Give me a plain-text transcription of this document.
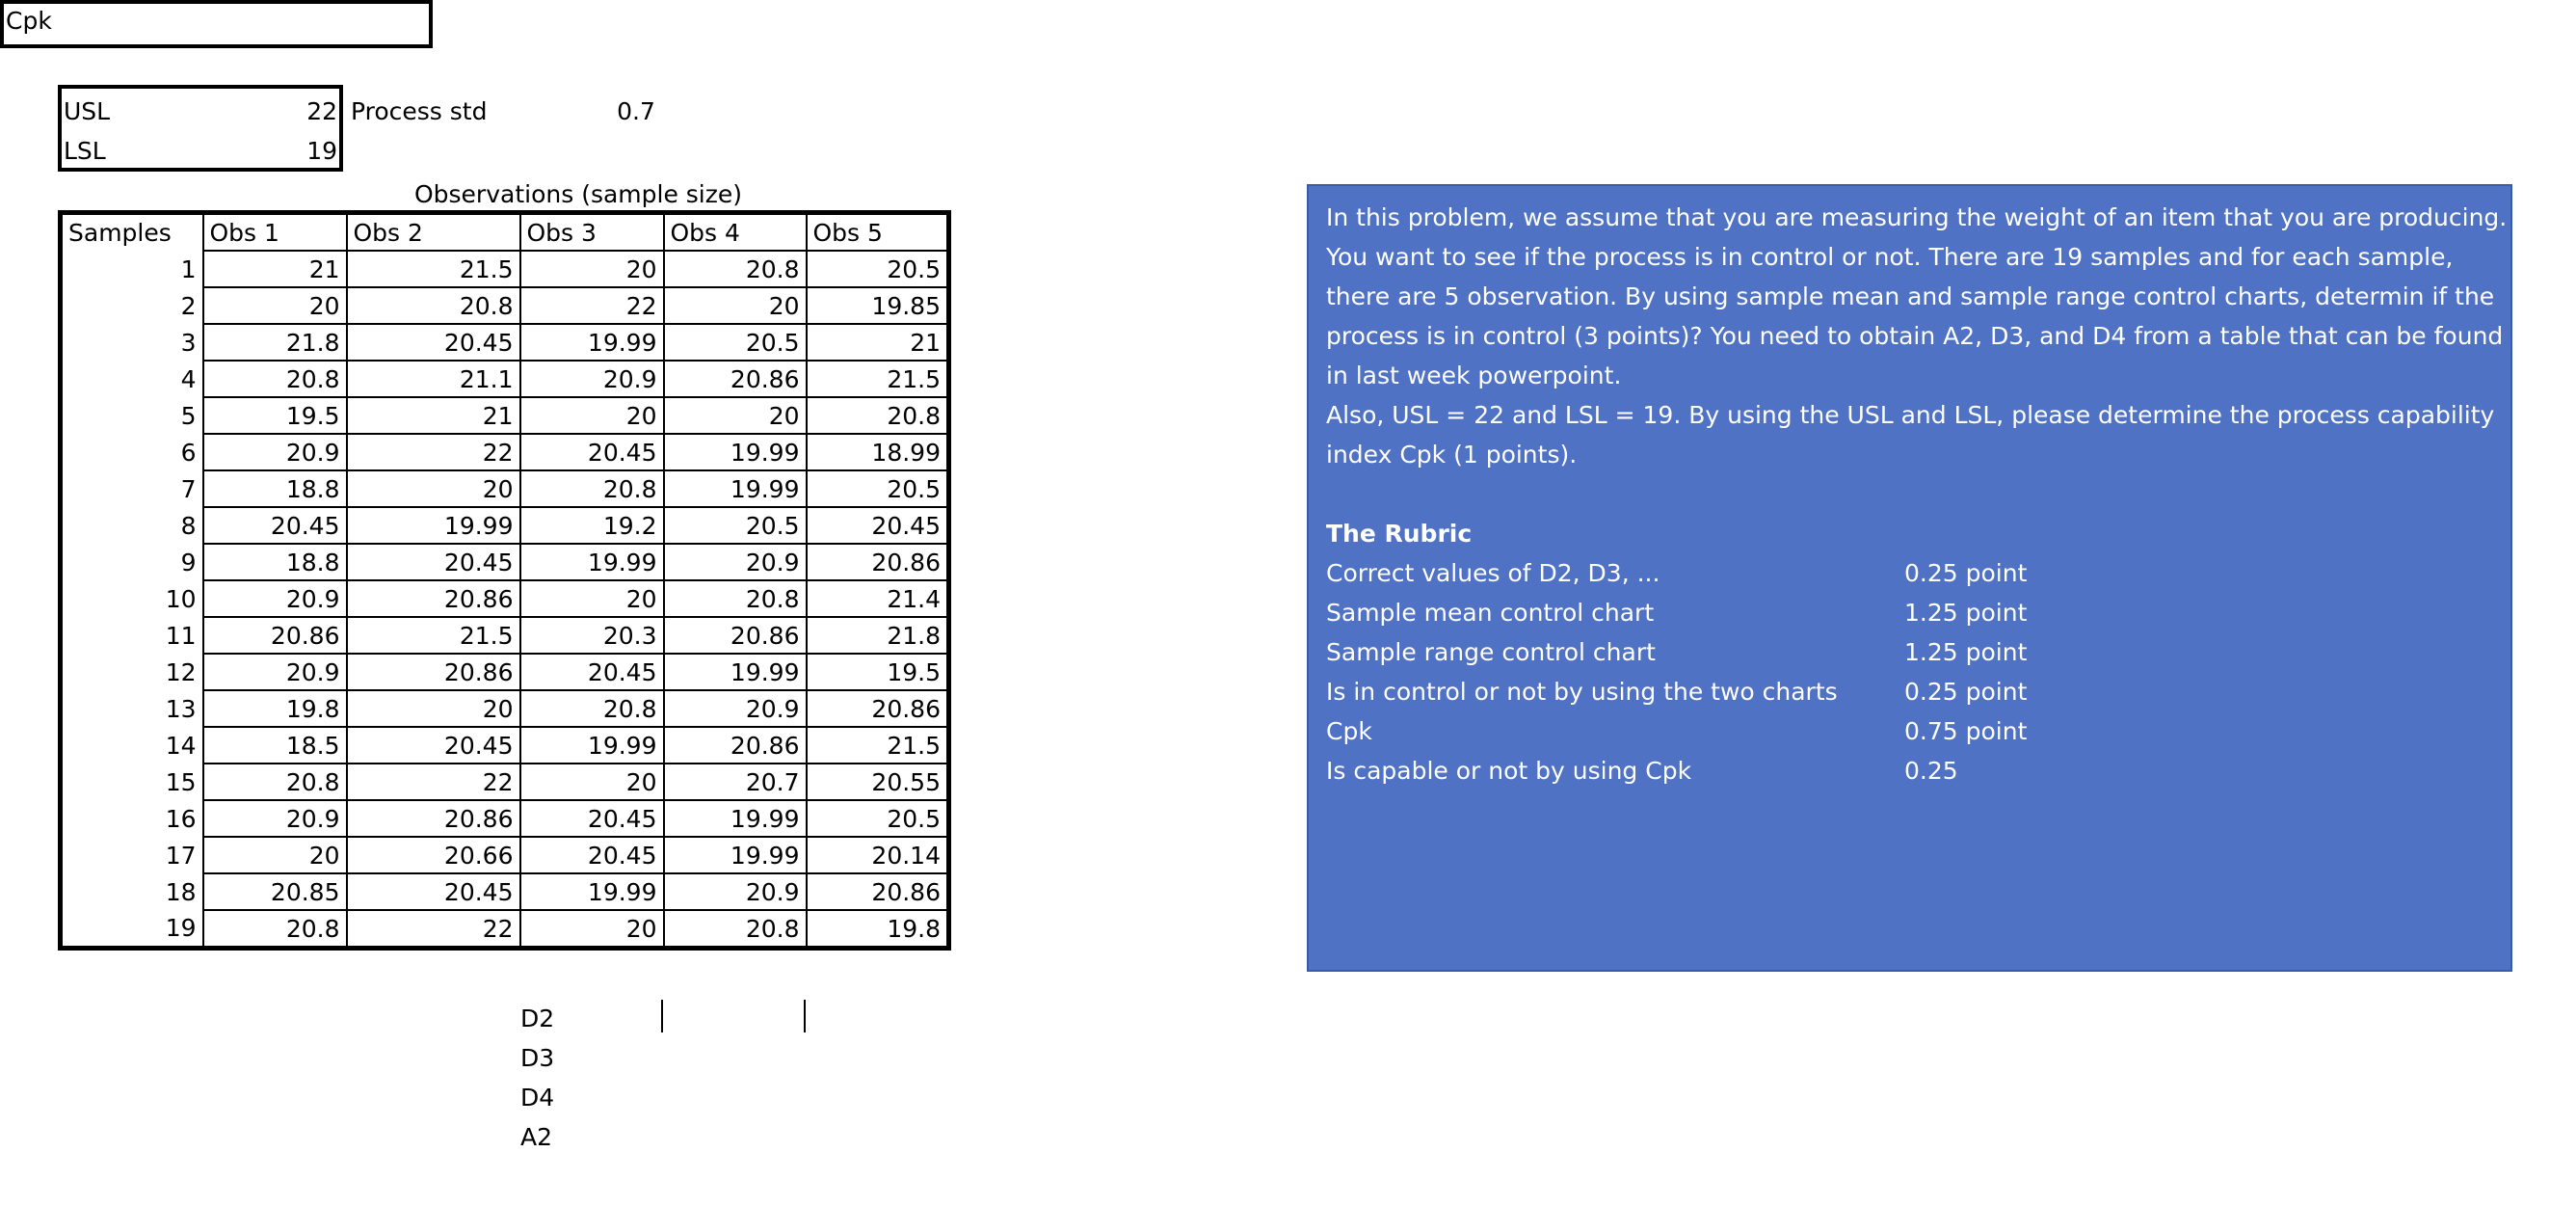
USL	22
LSL	19
Process std	0.7
Cpk
Observations (sample size)
Samples	Obs 1	Obs 2	Obs 3	Obs 4	Obs 5
1	21	21.5	20	20.8	20.5
2	20	20.8	22	20	19.85
3	21.8	20.45	19.99	20.5	21
4	20.8	21.1	20.9	20.86	21.5
5	19.5	21	20	20	20.8
6	20.9	22	20.45	19.99	18.99
7	18.8	20	20.8	19.99	20.5
8	20.45	19.99	19.2	20.5	20.45
9	18.8	20.45	19.99	20.9	20.86
10	20.9	20.86	20	20.8	21.4
11	20.86	21.5	20.3	20.86	21.8
12	20.9	20.86	20.45	19.99	19.5
13	19.8	20	20.8	20.9	20.86
14	18.5	20.45	19.99	20.86	21.5
15	20.8	22	20	20.7	20.55
16	20.9	20.86	20.45	19.99	20.5
17	20	20.66	20.45	19.99	20.14
18	20.85	20.45	19.99	20.9	20.86
19	20.8	22	20	20.8	19.8
D2
D3
D4
A2
In this problem, we assume that you are measuring the weight of an item that you are producing.
You want to see if the process is in control or not. There are 19 samples and for each sample,
there are 5 observation. By using sample mean and sample range control charts, determin if the
process is in control (3 points)? You need to obtain A2, D3, and D4 from a table that can be found
in last week powerpoint.
Also, USL = 22 and LSL = 19. By using the USL and LSL, please determine the process capability
index Cpk (1 points).

The Rubric
Correct values of D2, D3, ...	0.25 point
Sample mean control chart	1.25 point
Sample range control chart	1.25 point
Is in control or not by using the two charts	0.25 point
Cpk	0.75 point
Is capable or not by using Cpk	0.25
